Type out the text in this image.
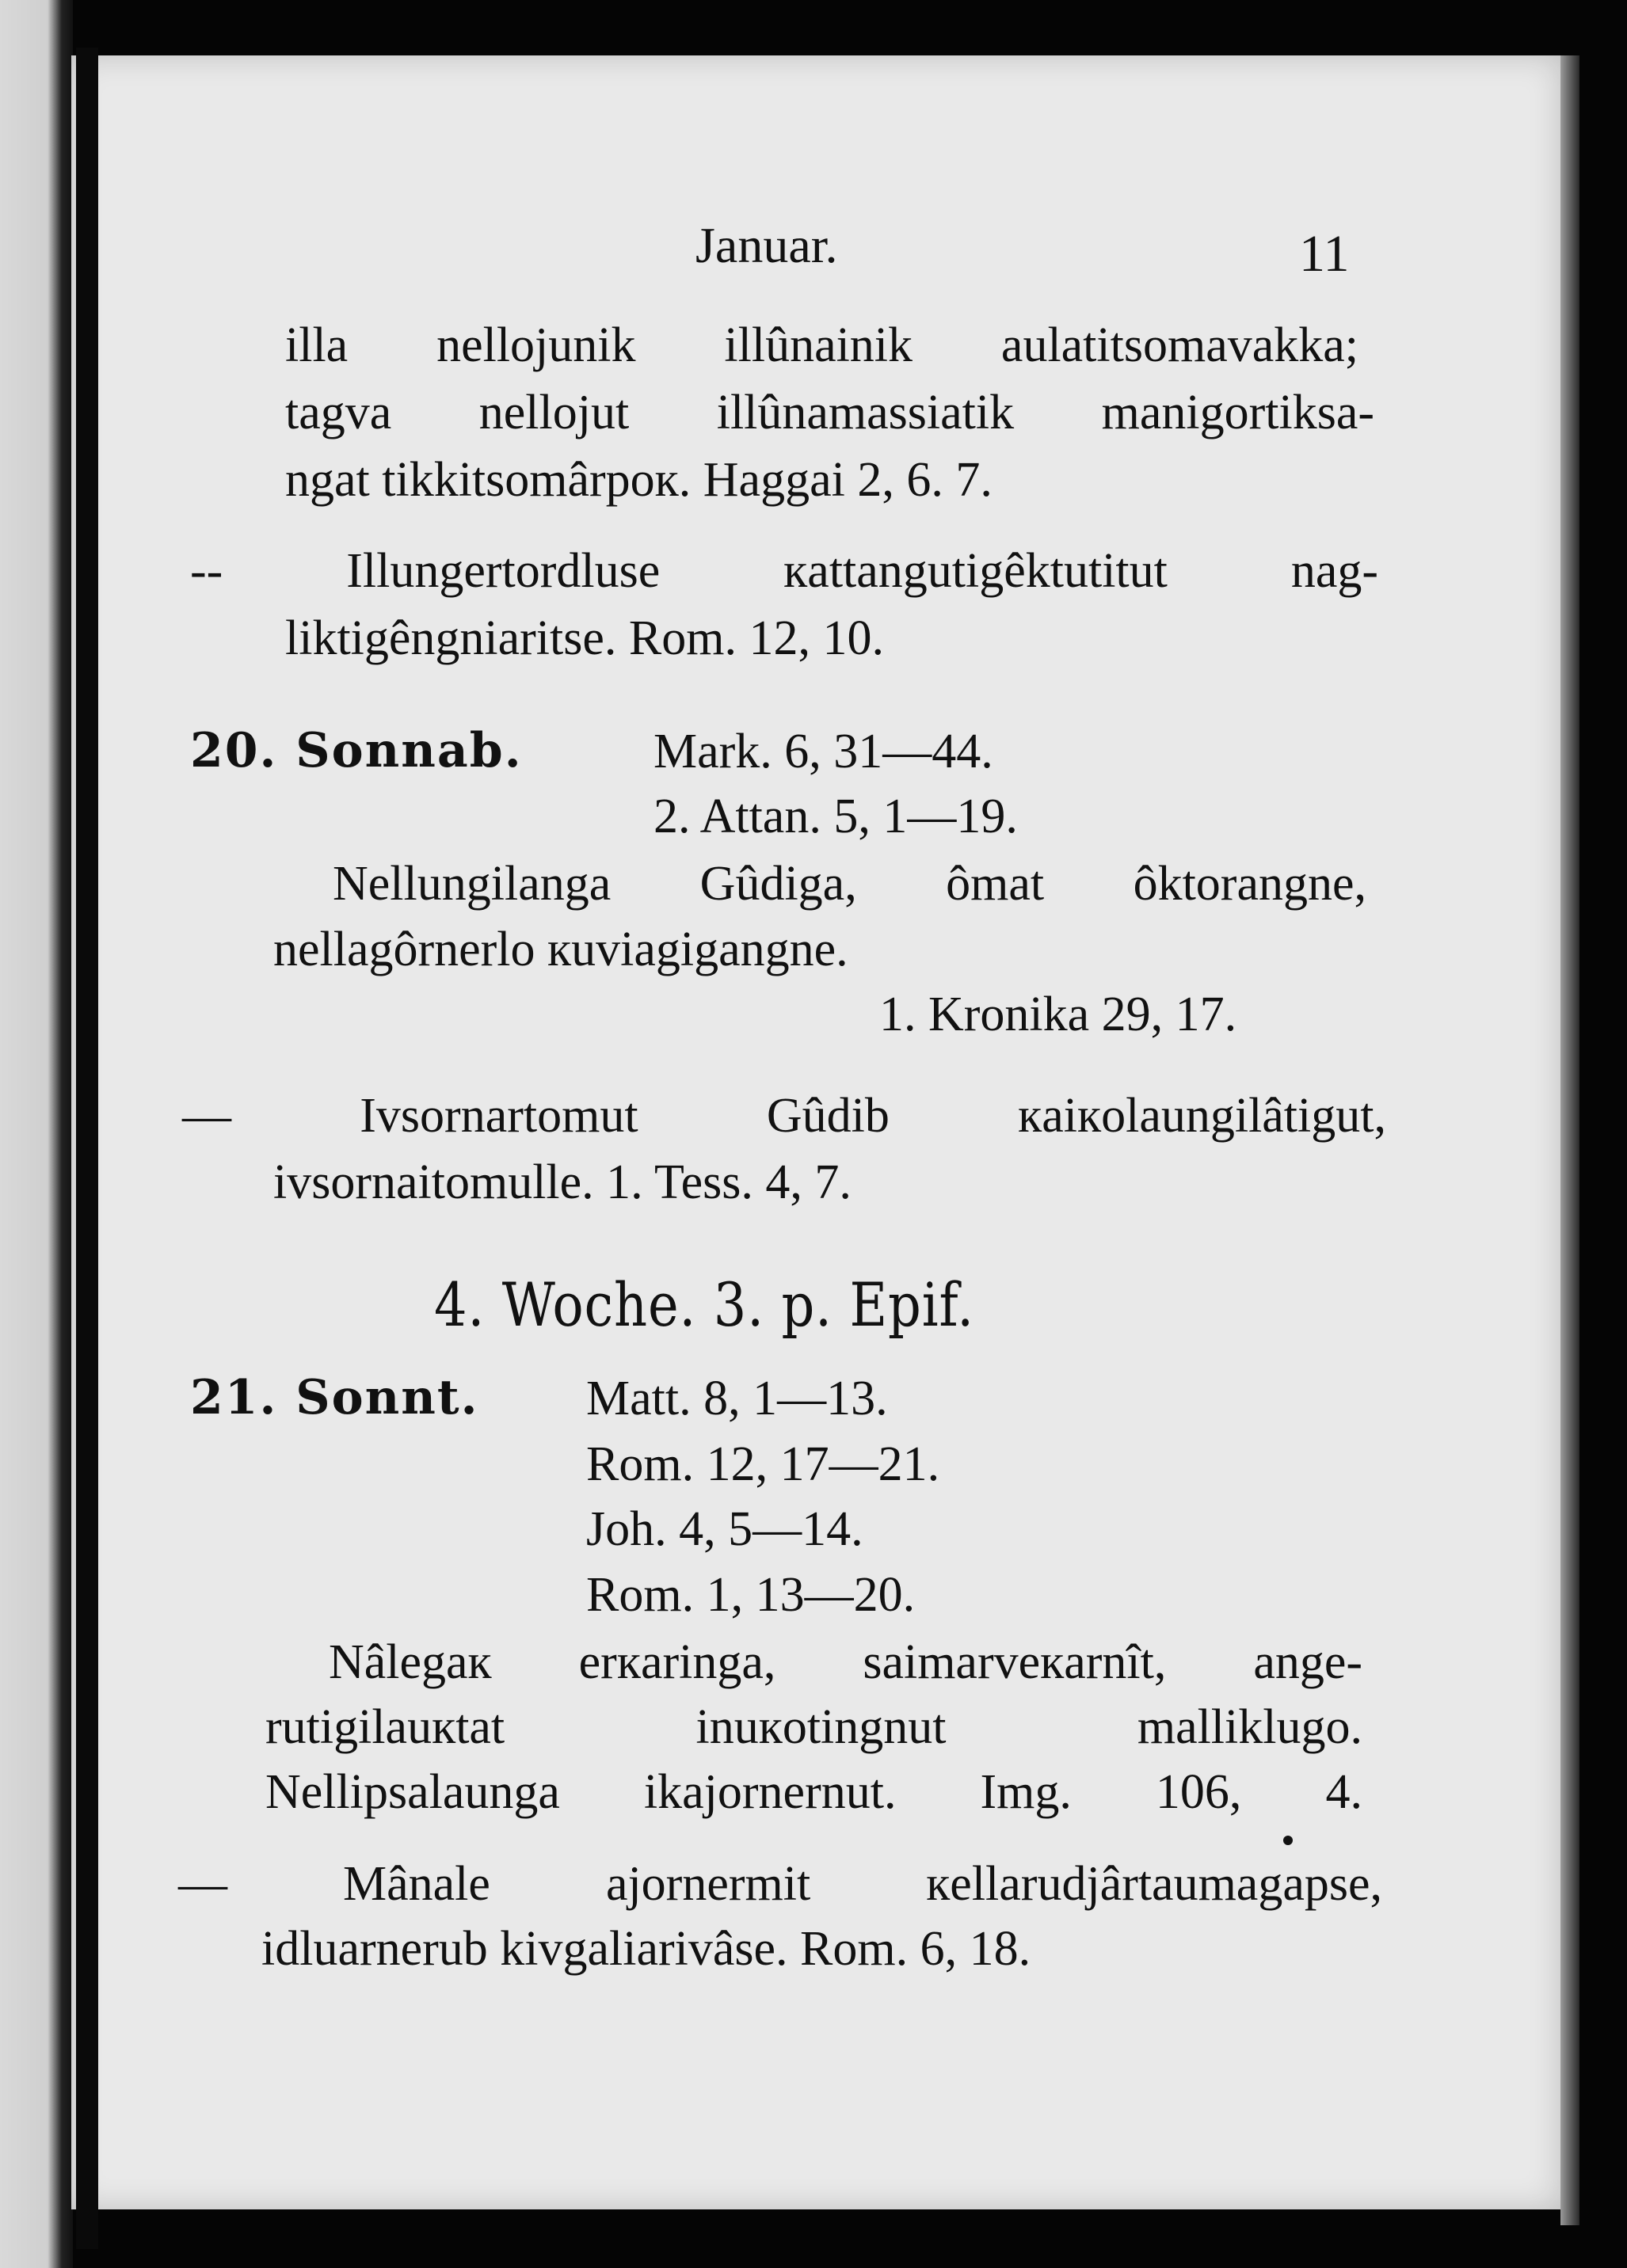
Januar.	11
illa nellojunik illûnainik aulatitsomavakka;
tagva nellojut illûnamassiatik manigortiksa-
ngat tikkitsomârpoк. Haggai 2, 6. 7.
-- Illungertordluse кattangutigêktutitut nag-
liktigêngniaritse. Rom. 12, 10.
20. Sonnab.	Mark. 6, 31—44.
2. Attan. 5, 1—19.
Nellungilanga Gûdiga, ômat ôktorangne,
nellagôrnerlo кuviagigangne.
1. Kronika 29, 17.
— Ivsornartomut Gûdib кaiкolaungilâtigut,
ivsornaitomulle. 1. Tess. 4, 7.
4. Woche. 3. p. Epif.
21. Sonnt. Matt. 8, 1—13.
Rom. 12, 17—21.
Joh. 4, 5—14.
Rom. 1, 13—20.
Nâlegaк erкaringa, saimarveкarnît, ange-
rutigilauкtat inuкotingnut malliklugo.
Nellipsalaunga ikajornernut. Img. 106, 4.
— Mânale ajornermit кellarudjârtaumagapse,
idluarnerub kivgaliarivâse. Rom. 6, 18.
